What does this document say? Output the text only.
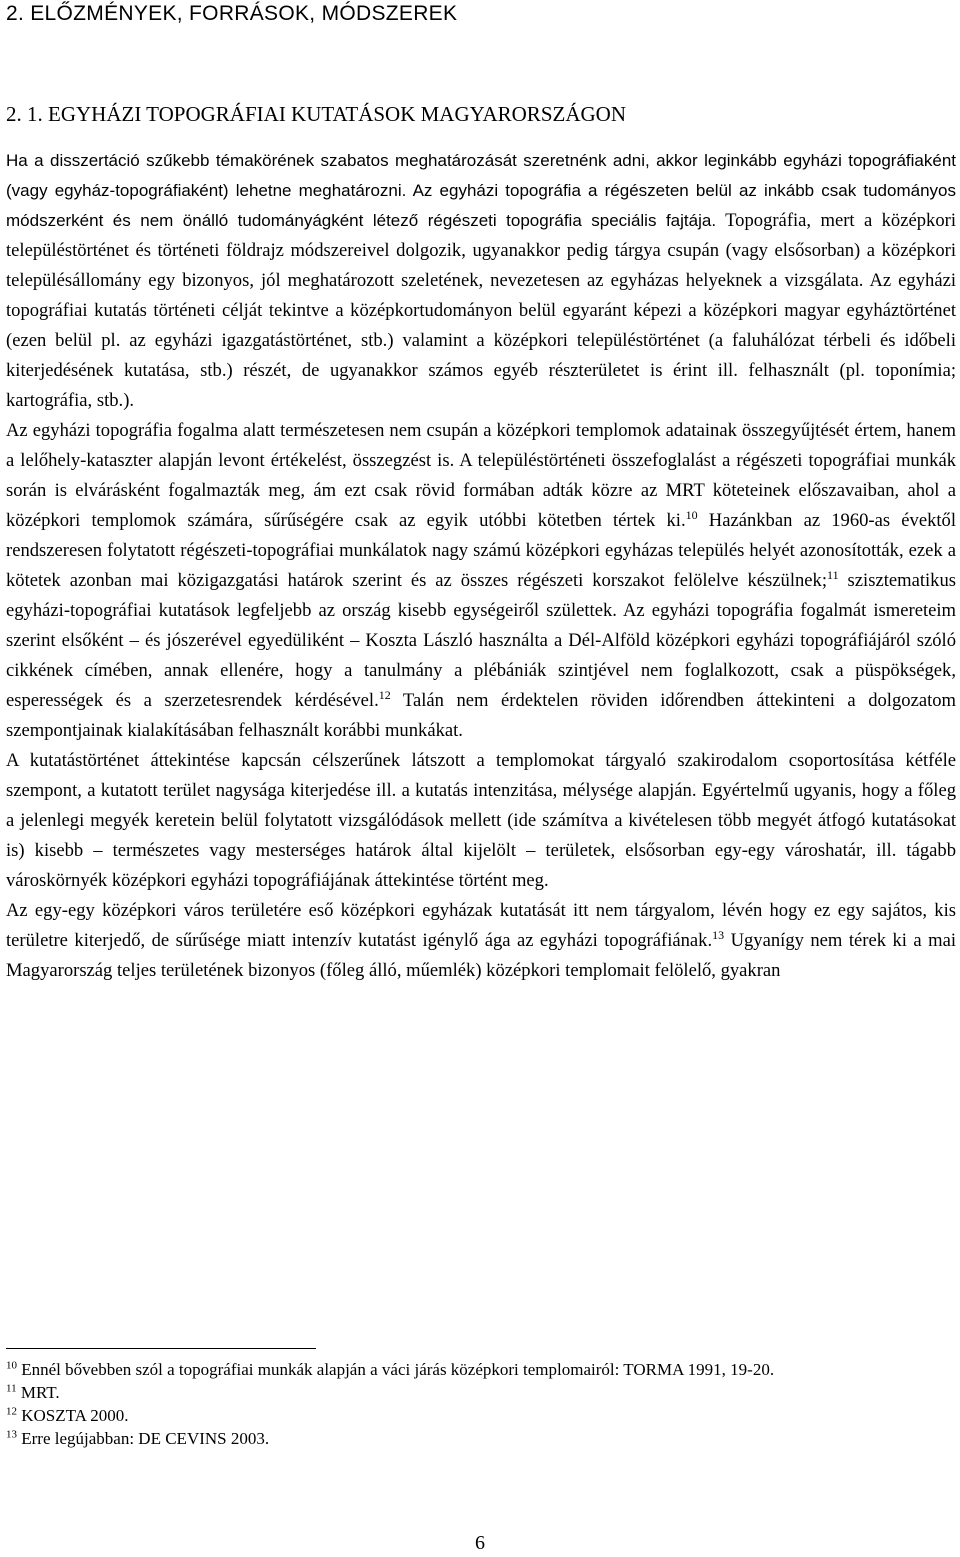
2. ELŐZMÉNYEK, FORRÁSOK, MÓDSZEREK
2. 1. EGYHÁZI TOPOGRÁFIAI KUTATÁSOK MAGYARORSZÁGON

Ha a disszertáció szűkebb témakörének szabatos meghatározását szeretnénk adni, akkor leginkább egyházi topográfiaként (vagy egyház-topográfiaként) lehetne meghatározni. Az egyházi topográfia a régészeten belül az inkább csak tudományos módszerként és nem önálló tudományágként létező régészeti topográfia speciális fajtája. Topográfia, mert a középkori településtörténet és történeti földrajz módszereivel dolgozik, ugyanakkor pedig tárgya csupán (vagy elsősorban) a középkori településállomány egy bizonyos, jól meghatározott szeletének, nevezetesen az egyházas helyeknek a vizsgálata. Az egyházi topográfiai kutatás történeti célját tekintve a középkortudományon belül egyaránt képezi a középkori magyar egyháztörténet (ezen belül pl. az egyházi igazgatástörténet, stb.) valamint a középkori településtörténet (a faluhálózat térbeli és időbeli kiterjedésének kutatása, stb.) részét, de ugyanakkor számos egyéb részterületet is érint ill. felhasznált (pl. toponímia; kartográfia, stb.).

Az egyházi topográfia fogalma alatt természetesen nem csupán a középkori templomok adatainak összegyűjtését értem, hanem a lelőhely-kataszter alapján levont értékelést, összegzést is. A településtörténeti összefoglalást a régészeti topográfiai munkák során is elvárásként fogalmazták meg, ám ezt csak rövid formában adták közre az MRT köteteinek előszavaiban, ahol a középkori templomok számára, sűrűségére csak az egyik utóbbi kötetben tértek ki.$^{10}$ Hazánkban az 1960-as évektől rendszeresen folytatott régészeti-topográfiai munkálatok nagy számú középkori egyházas település helyét azonosították, ezek a kötetek azonban mai közigazgatási határok szerint és az összes régészeti korszakot felölelve készülnek;$^{11}$ szisztematikus egyházi-topográfiai kutatások legfeljebb az ország kisebb egységeiről születtek. Az egyházi topográfia fogalmát ismereteim szerint elsőként – és jószerével egyedüliként – Koszta László használta a Dél-Alföld középkori egyházi topográfiájáról szóló cikkének címében, annak ellenére, hogy a tanulmány a plébániák szintjével nem foglalkozott, csak a püspökségek, esperességek és a szerzetesrendek kérdésével.$^{12}$ Talán nem érdektelen röviden időrendben áttekinteni a dolgozatom szempontjainak kialakításában felhasznált korábbi munkákat.

A kutatástörténet áttekintése kapcsán célszerűnek látszott a templomokat tárgyaló szakirodalom csoportosítása kétféle szempont, a kutatott terület nagysága kiterjedése ill. a kutatás intenzitása, mélysége alapján. Egyértelmű ugyanis, hogy a főleg a jelenlegi megyék keretein belül folytatott vizsgálódások mellett (ide számítva a kivételesen több megyét átfogó kutatásokat is) kisebb – természetes vagy mesterséges határok által kijelölt – területek, elsősorban egy-egy városhatár, ill. tágabb városkörnyék középkori egyházi topográfiájának áttekintése történt meg.

Az egy-egy középkori város területére eső középkori egyházak kutatását itt nem tárgyalom, lévén hogy ez egy sajátos, kis területre kiterjedő, de sűrűsége miatt intenzív kutatást igénylő ága az egyházi topográfiának.$^{13}$ Ugyanígy nem térek ki a mai Magyarország teljes területének bizonyos (főleg álló, műemlék) középkori templomait felölelő, gyakran

$^{10}$ Ennél bővebben szól a topográfiai munkák alapján a váci járás középkori templomairól: TORMA 1991, 19-20.
$^{11}$ MRT.
$^{12}$ KOSZTA 2000.
$^{13}$ Erre legújabban: DE CEVINS 2003.
6
